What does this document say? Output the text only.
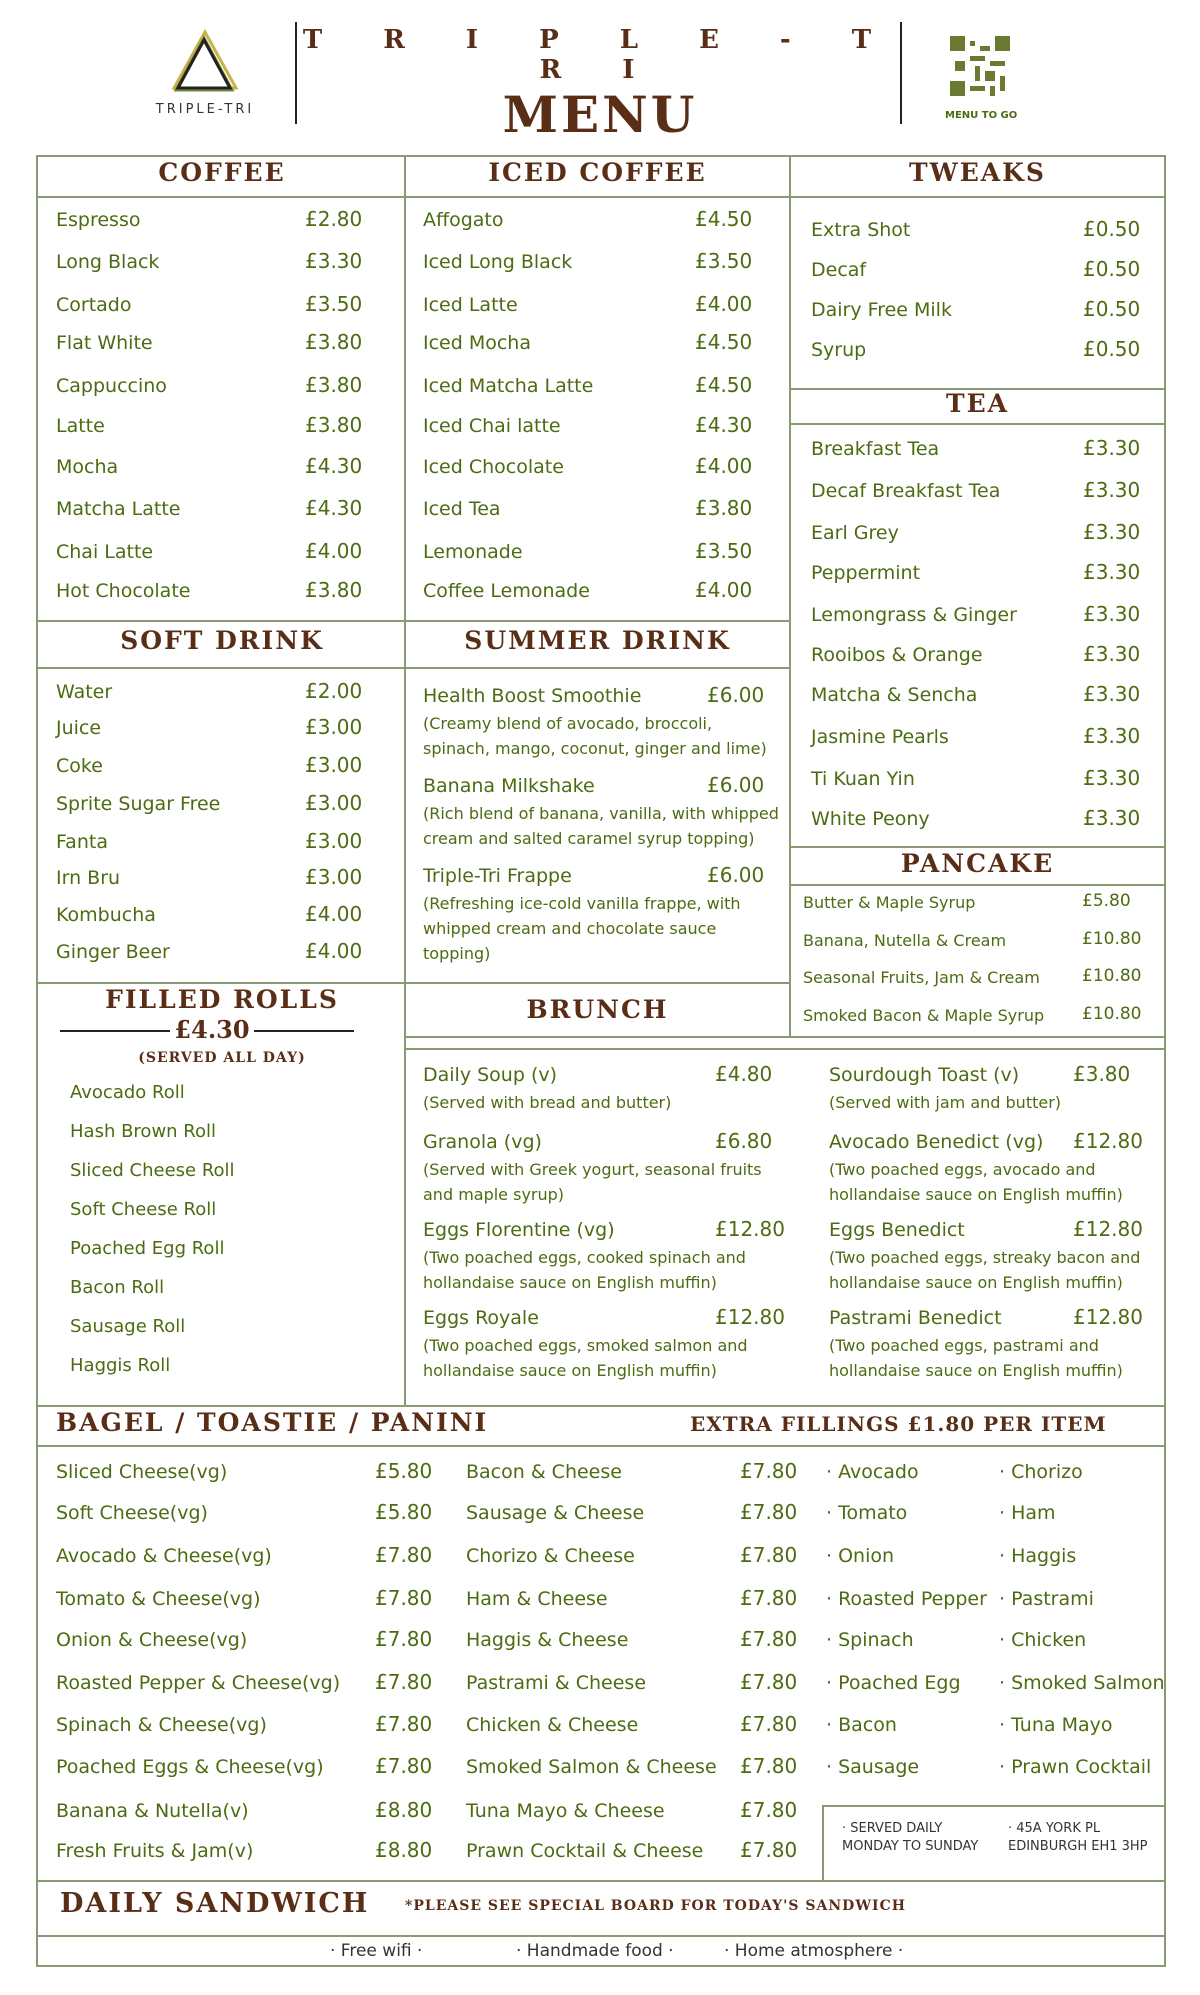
TRIPLE-TRI
T R I P L E - T R I
MENU	MENU TO GO
COFFEE	ICED COFFEE	TWEAKS
TEA
SOFT DRINK	SUMMER DRINK
PANCAKE
BRUNCH
Espresso	£2.80
Long Black	£3.30
Cortado	£3.50
Flat White	£3.80
Cappuccino	£3.80
Latte	£3.80
Mocha	£4.30
Matcha Latte	£4.30
Chai Latte	£4.00
Hot Chocolate	£3.80
Affogato	£4.50
Iced Long Black	£3.50
Iced Latte	£4.00
Iced Mocha	£4.50
Iced Matcha Latte	£4.50
Iced Chai latte	£4.30
Iced Chocolate	£4.00
Iced Tea	£3.80
Lemonade	£3.50
Coffee Lemonade	£4.00
Extra Shot	£0.50
Decaf	£0.50
Dairy Free Milk	£0.50
Syrup	£0.50
Breakfast Tea	£3.30
Decaf Breakfast Tea	£3.30
Earl Grey	£3.30
Peppermint	£3.30
Lemongrass & Ginger	£3.30
Rooibos & Orange	£3.30
Matcha & Sencha	£3.30
Jasmine Pearls	£3.30
Ti Kuan Yin	£3.30
White Peony	£3.30
Water	£2.00
Juice	£3.00
Coke	£3.00
Sprite Sugar Free	£3.00
Fanta	£3.00
Irn Bru	£3.00
Kombucha	£4.00
Ginger Beer	£4.00
Health Boost Smoothie	£6.00
(Creamy blend of avocado, broccoli, spinach, mango, coconut, ginger and lime)
Banana Milkshake	£6.00
(Rich blend of banana, vanilla, with whipped cream and salted caramel syrup topping)
Triple-Tri Frappe	£6.00
(Refreshing ice-cold vanilla frappe, with whipped cream and chocolate sauce topping)
Butter & Maple Syrup	£5.80
Banana, Nutella & Cream	£10.80
Seasonal Fruits, Jam & Cream £10.80
Smoked Bacon & Maple Syrup £10.80
FILLED ROLLS
£4.30
(SERVED ALL DAY)
Avocado Roll
Hash Brown Roll
Sliced Cheese Roll
Soft Cheese Roll
Poached Egg Roll
Bacon Roll
Sausage Roll
Haggis Roll
Daily Soup (v)	£4.80
(Served with bread and butter)
Granola (vg)	£6.80
(Served with Greek yogurt, seasonal fruits and maple syrup)
Eggs Florentine (vg)	£12.80
(Two poached eggs, cooked spinach and hollandaise sauce on English muffin)
Eggs Royale	£12.80
(Two poached eggs, smoked salmon and hollandaise sauce on English muffin)
Sourdough Toast (v)	£3.80
(Served with jam and butter)
Avocado Benedict (vg) £12.80
(Two poached eggs, avocado and hollandaise sauce on English muffin)
Eggs Benedict	£12.80
(Two poached eggs, streaky bacon and hollandaise sauce on English muffin)
Pastrami Benedict	£12.80
(Two poached eggs, pastrami and hollandaise sauce on English muffin)
BAGEL / TOASTIE / PANINI	EXTRA FILLINGS £1.80 PER ITEM
Sliced Cheese(vg)	£5.80
Soft Cheese(vg)	£5.80
Avocado & Cheese(vg)	£7.80
Tomato & Cheese(vg)	£7.80
Onion & Cheese(vg)	£7.80
Roasted Pepper & Cheese(vg) £7.80
Spinach & Cheese(vg)	£7.80
Poached Eggs & Cheese(vg)	£7.80
Banana & Nutella(v)	£8.80
Fresh Fruits & Jam(v)	£8.80
Bacon & Cheese	£7.80
Sausage & Cheese	£7.80
Chorizo & Cheese	£7.80
Ham & Cheese	£7.80
Haggis & Cheese	£7.80
Pastrami & Cheese	£7.80
Chicken & Cheese	£7.80
Smoked Salmon & Cheese £7.80
Tuna Mayo & Cheese	£7.80
Prawn Cocktail & Cheese £7.80
· Avocado
· Tomato
· Onion
· Roasted Pepper
· Spinach
· Poached Egg
· Bacon
· Sausage
· Chorizo
· Ham
· Haggis
· Pastrami
· Chicken
· Smoked Salmon
· Tuna Mayo
· Prawn Cocktail
· SERVED DAILY
MONDAY TO SUNDAY
· 45A YORK PL
EDINBURGH EH1 3HP
DAILY SANDWICH	*PLEASE SEE SPECIAL BOARD FOR TODAY'S SANDWICH
· Free wifi ·	· Handmade food ·	· Home atmosphere ·
